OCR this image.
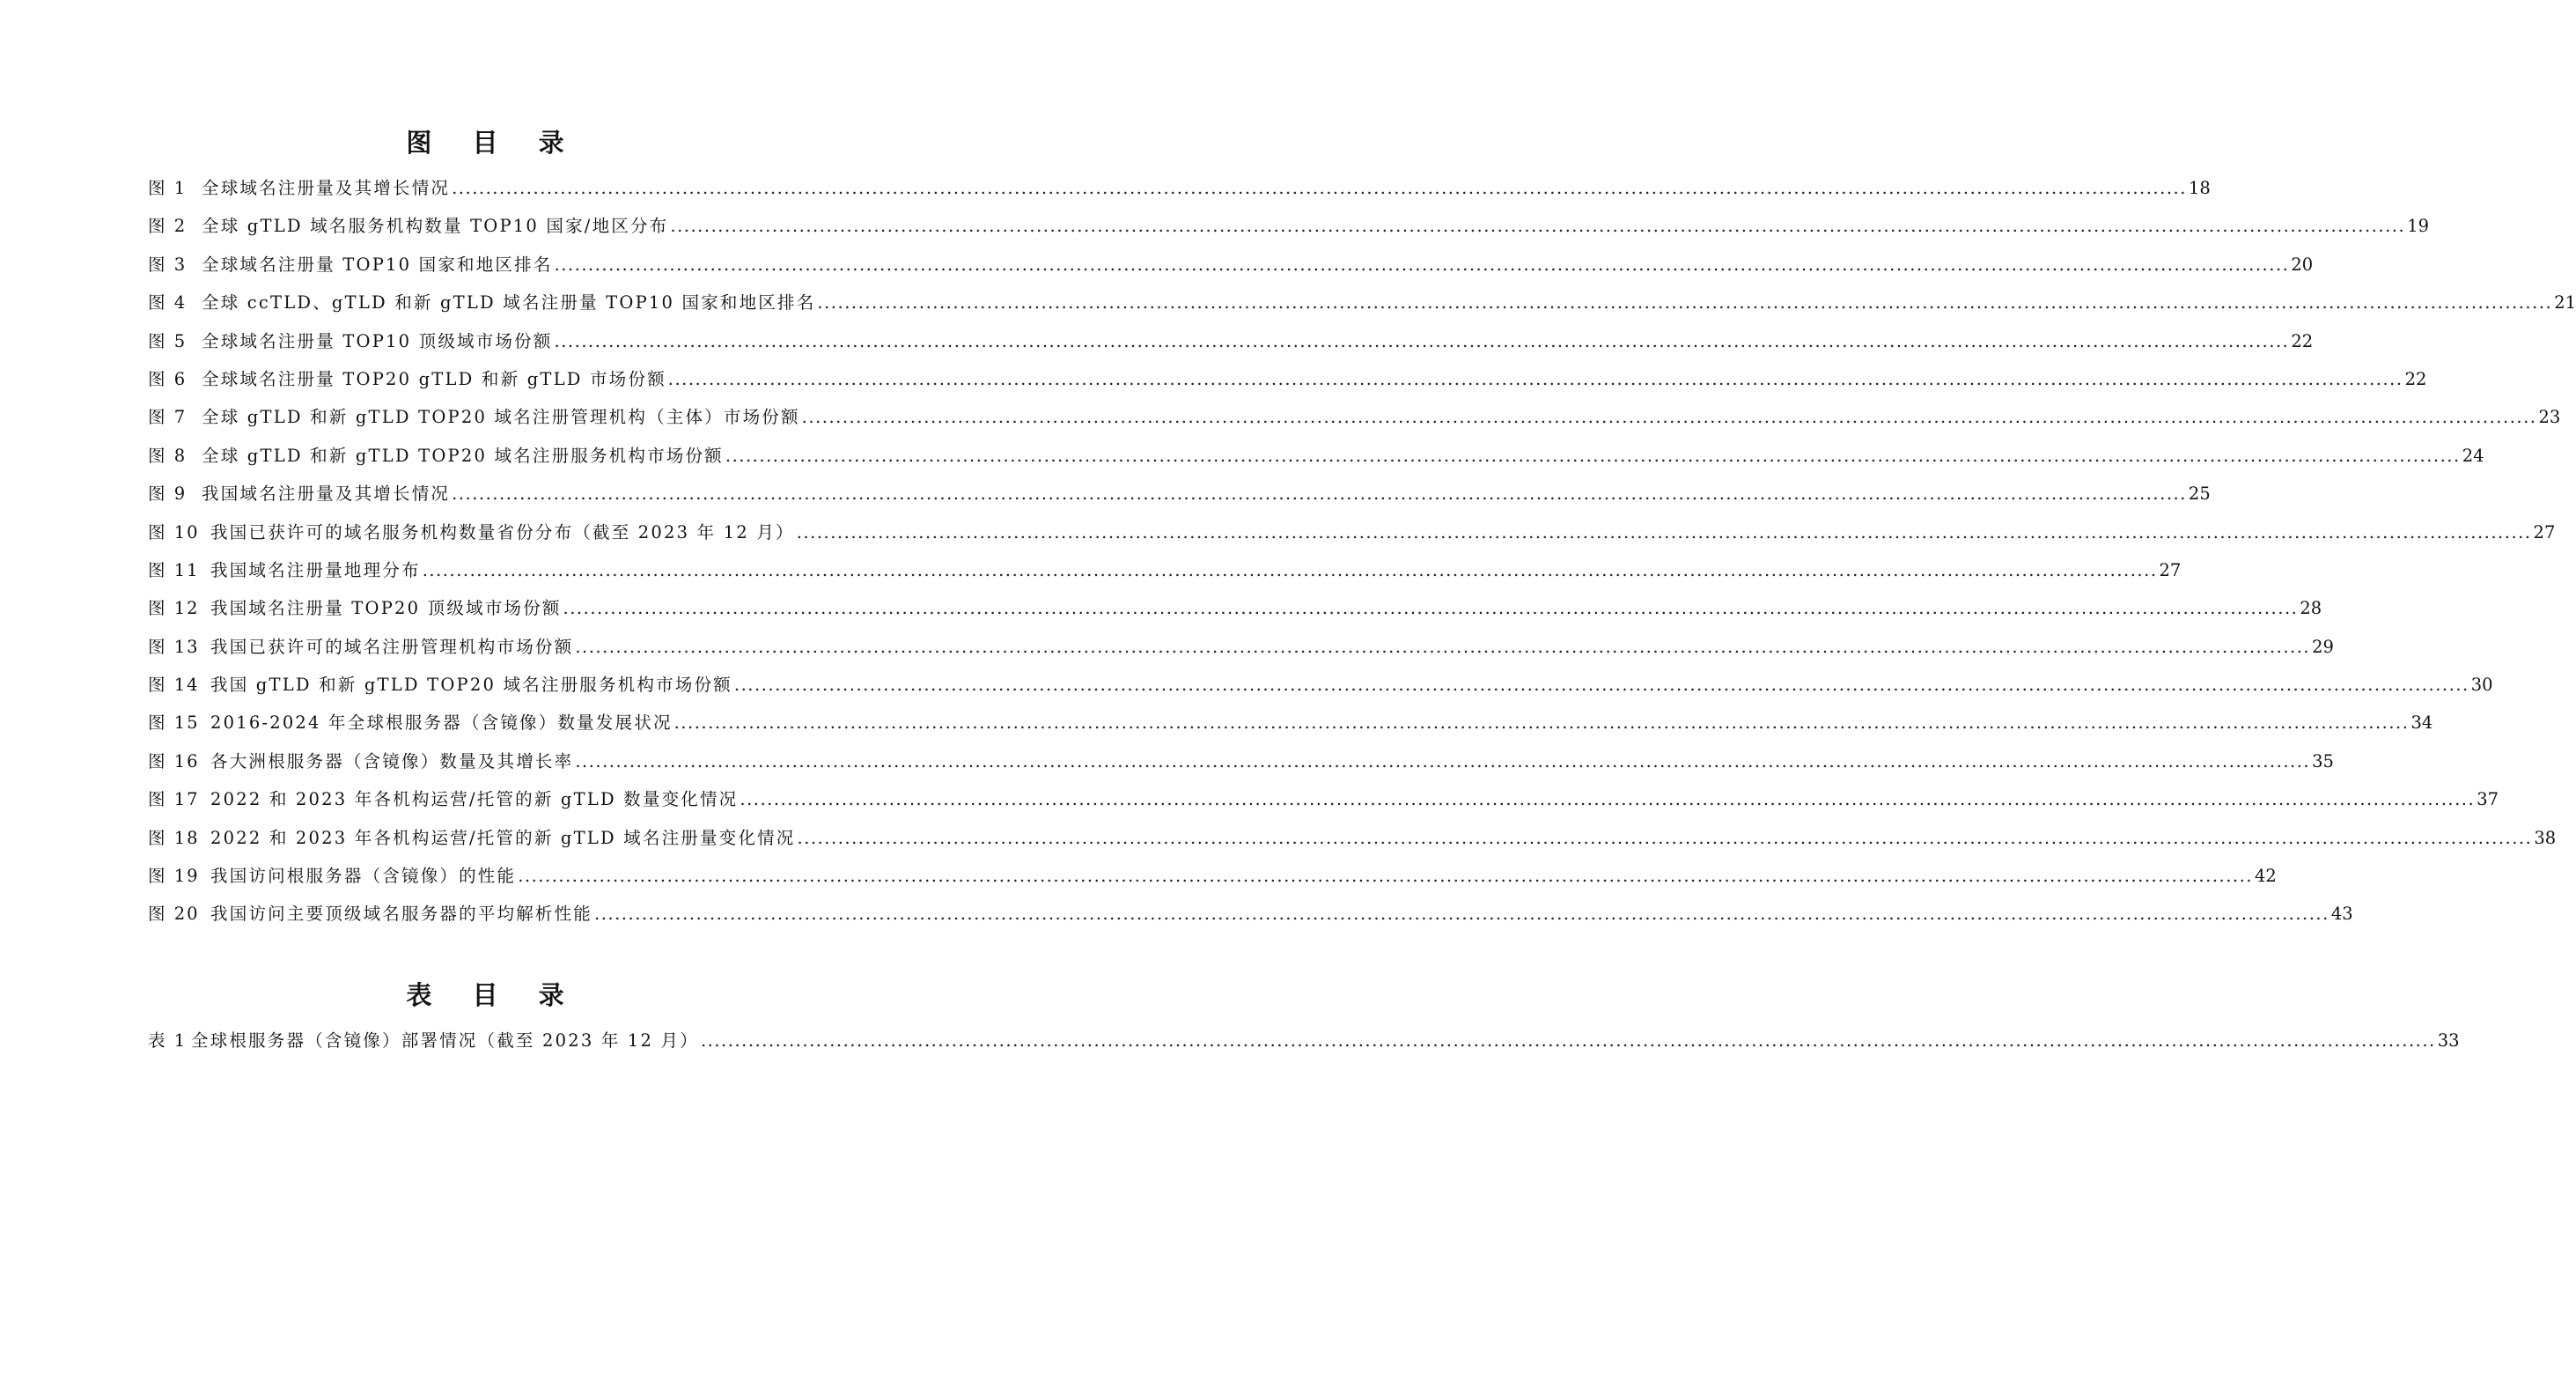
图 目 录
图 1 全球域名注册量及其增长情况 .....	18
图 2 全球 gTLD 域名服务机构数量 TOP10 国家/地区分布 .....	19
图 3 全球域名注册量 TOP10 国家和地区排名 .....	20
图 4 全球 ccTLD、gTLD 和新 gTLD 域名注册量 TOP10 国家和地区排名 .....	21
图 5 全球域名注册量 TOP10 顶级域市场份额 .....	22
图 6 全球域名注册量 TOP20 gTLD 和新 gTLD 市场份额 .....	22
图 7 全球 gTLD 和新 gTLD TOP20 域名注册管理机构（主体）市场份额 .....	23
图 8 全球 gTLD 和新 gTLD TOP20 域名注册服务机构市场份额 .....	24
图 9 我国域名注册量及其增长情况 .....	25
图 10 我国已获许可的域名服务机构数量省份分布（截至 2023 年 12 月） .....	27
图 11 我国域名注册量地理分布 .....	27
图 12 我国域名注册量 TOP20 顶级域市场份额 .....	28
图 13 我国已获许可的域名注册管理机构市场份额 .....	29
图 14 我国 gTLD 和新 gTLD TOP20 域名注册服务机构市场份额 .....	30
图 15 2016-2024 年全球根服务器（含镜像）数量发展状况 .....	34
图 16 各大洲根服务器（含镜像）数量及其增长率 .....	35
图 17 2022 和 2023 年各机构运营/托管的新 gTLD 数量变化情况 .....	37
图 18 2022 和 2023 年各机构运营/托管的新 gTLD 域名注册量变化情况 .....	38
图 19 我国访问根服务器（含镜像）的性能 .....	42
图 20 我国访问主要顶级域名服务器的平均解析性能 .....	43
表 目 录
表 1 全球根服务器（含镜像）部署情况（截至 2023 年 12 月） .....	33
